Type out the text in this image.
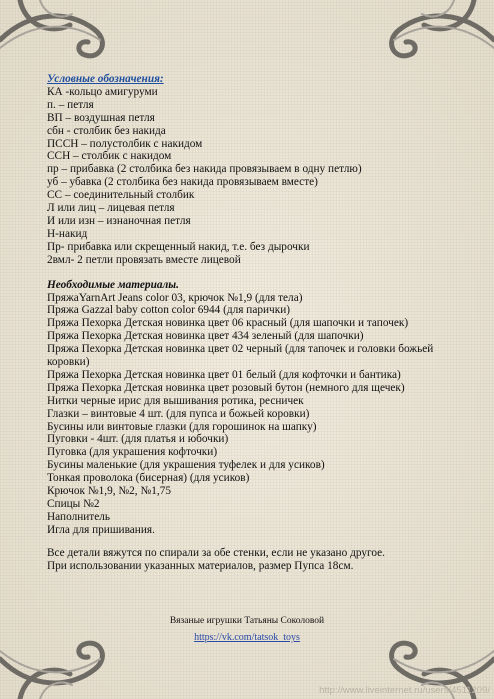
Условные обозначения:
КА -кольцо амигуруми
п. – петля
ВП – воздушная петля
сбн - столбик без накида
ПССН – полустолбик с накидом
ССН – столбик с накидом
пр – прибавка (2 столбика без накида провязываем в одну петлю)
уб – убавка (2 столбика без накида провязываем вместе)
СС – соединительный столбик
Л или лиц – лицевая петля
И или изн – изнаночная петля
Н-накид
Пр- прибавка или скрещенный накид, т.е. без дырочки
2вмл- 2 петли провязать вместе лицевой
Необходимые материалы.
ПряжаYarnArt Jeans color 03, крючок №1,9 (для тела)
Пряжа Gazzal baby cotton color 6944 (для парички)
Пряжа Пехорка Детская новинка цвет 06 красный (для шапочки и тапочек)
Пряжа Пехорка Детская новинка цвет 434 зеленый (для шапочки)
Пряжа Пехорка Детская новинка цвет 02 черный (для тапочек и головки божьей коровки)
Пряжа Пехорка Детская новинка цвет 01 белый (для кофточки и бантика)
Пряжа Пехорка Детская новинка цвет розовый бутон (немного для щечек)
Нитки черные ирис для вышивания ротика, ресничек
Глазки – винтовые 4 шт. (для пупса и божьей коровки)
Бусины или винтовые глазки (для горошинок на шапку)
Пуговки - 4шт. (для платья и юбочки)
Пуговка (для украшения кофточки)
Бусины маленькие (для украшения туфелек и для усиков)
Тонкая проволока (бисерная) (для усиков)
Крючок №1,9, №2, №1,75
Спицы №2
Наполнитель
Игла для пришивания.
Все детали вяжутся по спирали за обе стенки, если не указано другое.
При использовании указанных материалов, размер Пупса 18см.
Вязаные игрушки Татьяны Соколовой
https://vk.com/tatsok_toys
http://www.liveinternet.ru/users/4511209/
